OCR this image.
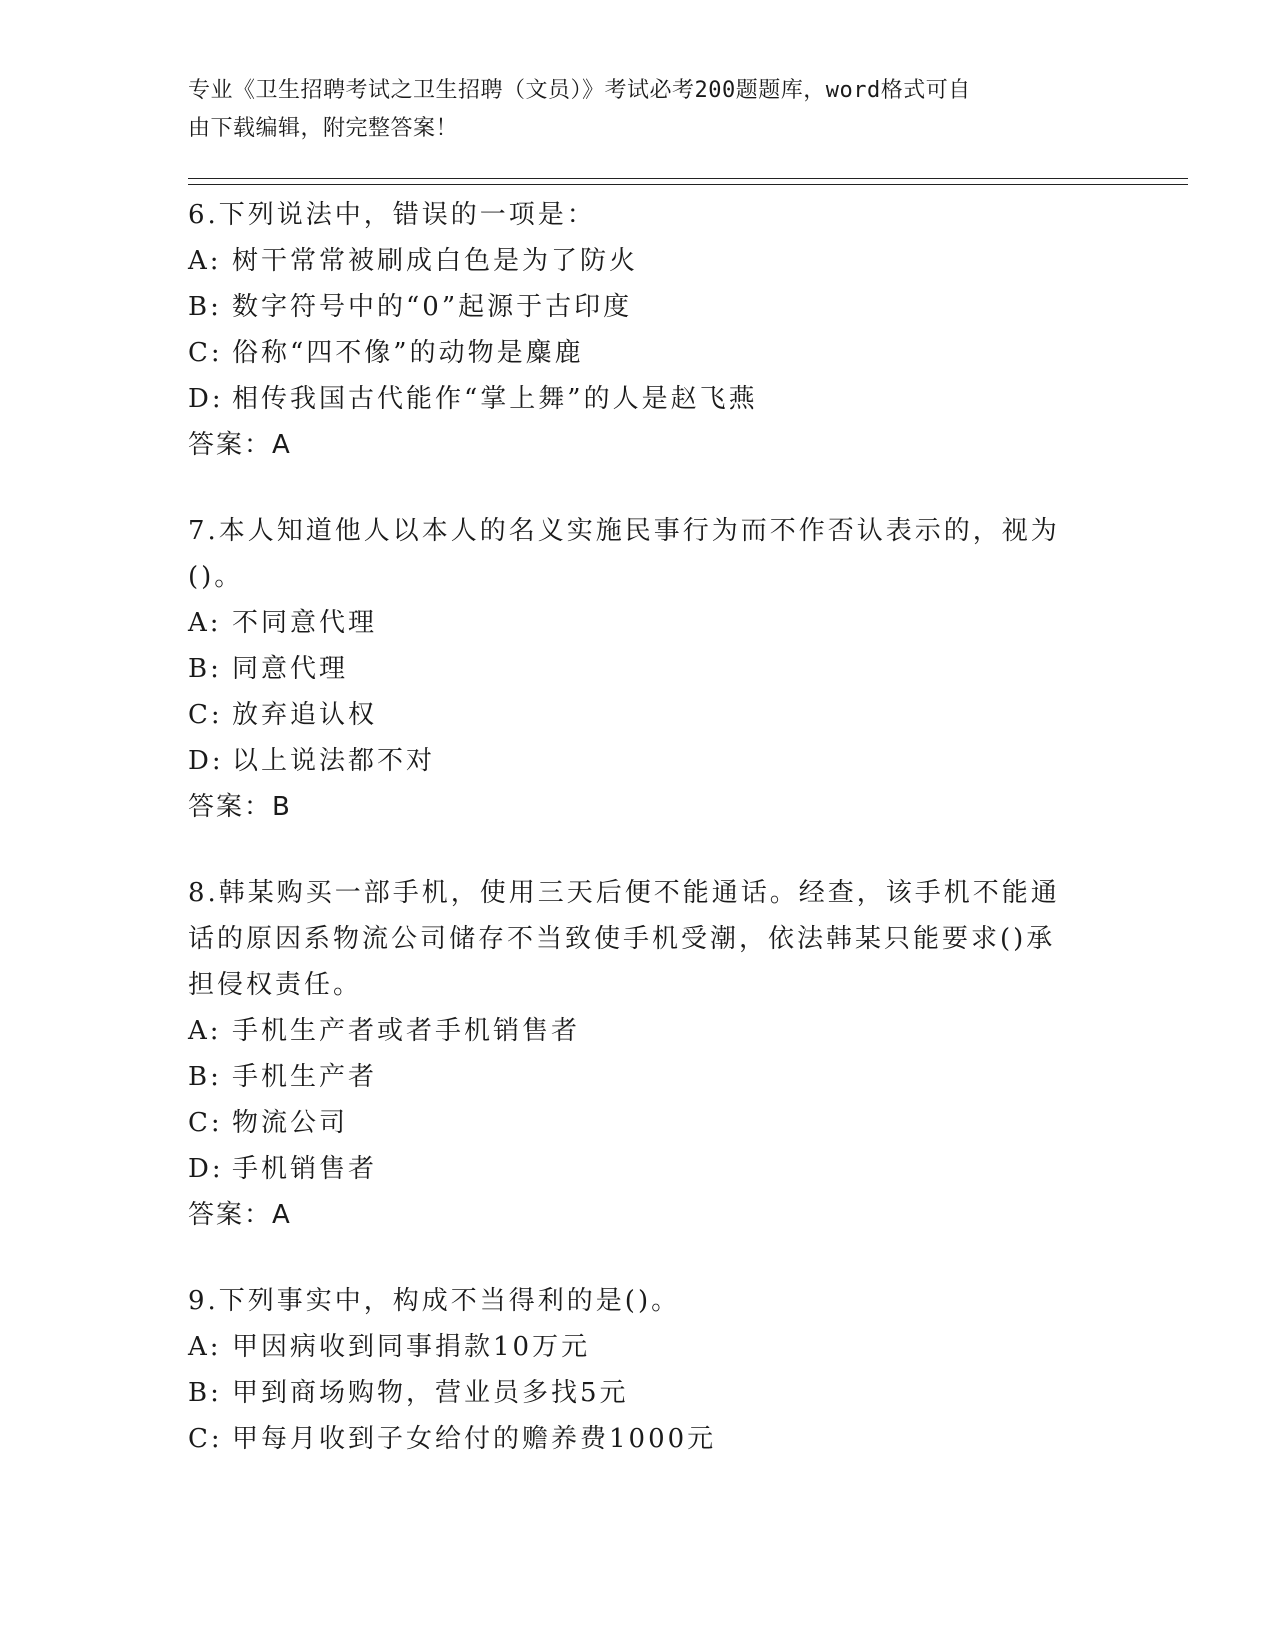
专业《卫生招聘考试之卫生招聘（文员）》考试必考200题题库，word格式可自
由下载编辑，附完整答案！
6.下列说法中，错误的一项是：
A: 树干常常被刷成白色是为了防火
B: 数字符号中的“0”起源于古印度
C: 俗称“四不像”的动物是麋鹿
D: 相传我国古代能作“掌上舞”的人是赵飞燕
答案：A
7.本人知道他人以本人的名义实施民事行为而不作否认表示的，视为
()。
A: 不同意代理
B: 同意代理
C: 放弃追认权
D: 以上说法都不对
答案：B
8.韩某购买一部手机，使用三天后便不能通话。经查，该手机不能通
话的原因系物流公司储存不当致使手机受潮，依法韩某只能要求()承
担侵权责任。
A: 手机生产者或者手机销售者
B: 手机生产者
C: 物流公司
D: 手机销售者
答案：A
9.下列事实中，构成不当得利的是()。
A: 甲因病收到同事捐款10万元
B: 甲到商场购物，营业员多找5元
C: 甲每月收到子女给付的赡养费1000元
